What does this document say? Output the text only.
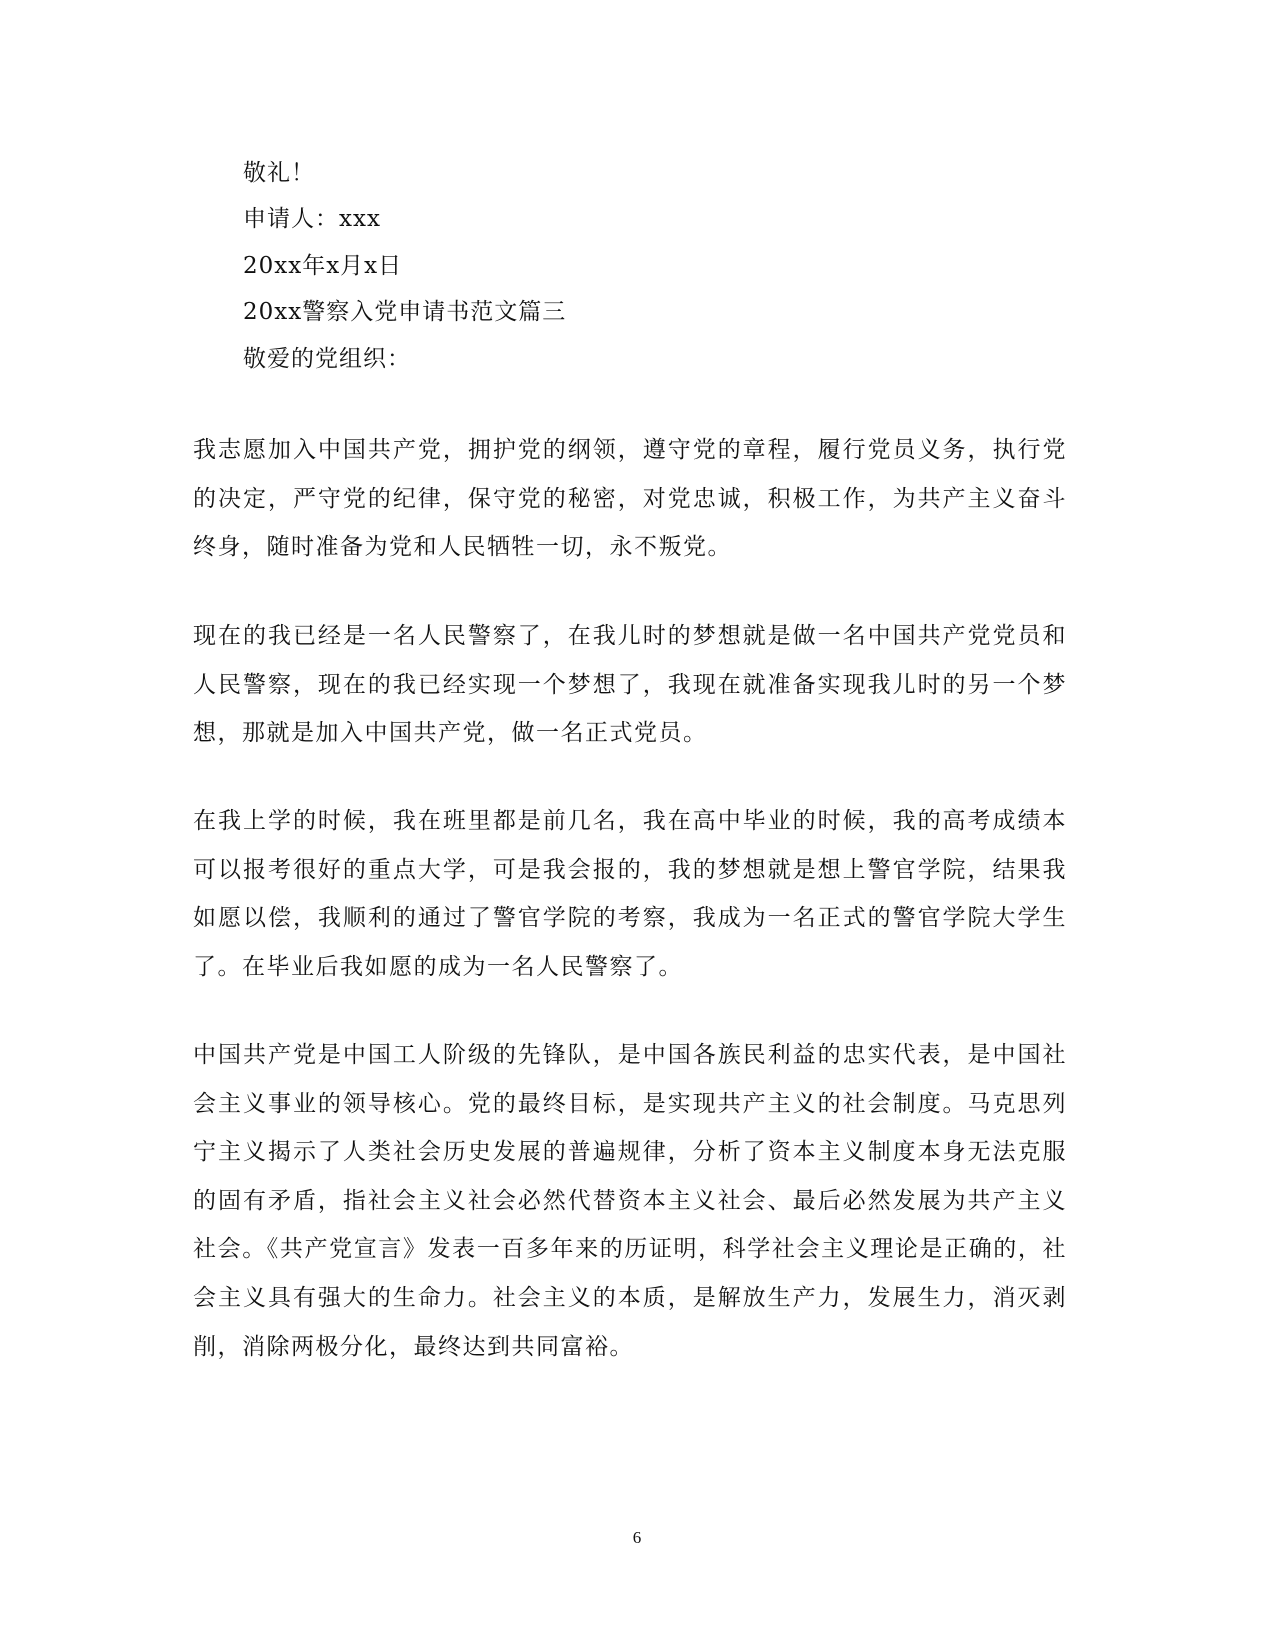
敬礼！
申请人：xxx
20xx年x月x日
20xx警察入党申请书范文篇三
敬爱的党组织：

我志愿加入中国共产党，拥护党的纲领，遵守党的章程，履行党员义务，执行党的决定，严守党的纪律，保守党的秘密，对党忠诚，积极工作，为共产主义奋斗终身，随时准备为党和人民牺牲一切，永不叛党。

现在的我已经是一名人民警察了，在我儿时的梦想就是做一名中国共产党党员和人民警察，现在的我已经实现一个梦想了，我现在就准备实现我儿时的另一个梦想，那就是加入中国共产党，做一名正式党员。

在我上学的时候，我在班里都是前几名，我在高中毕业的时候，我的高考成绩本可以报考很好的重点大学，可是我会报的，我的梦想就是想上警官学院，结果我如愿以偿，我顺利的通过了警官学院的考察，我成为一名正式的警官学院大学生了。在毕业后我如愿的成为一名人民警察了。

中国共产党是中国工人阶级的先锋队，是中国各族民利益的忠实代表，是中国社会主义事业的领导核心。党的最终目标，是实现共产主义的社会制度。马克思列宁主义揭示了人类社会历史发展的普遍规律，分析了资本主义制度本身无法克服的固有矛盾，指社会主义社会必然代替资本主义社会、最后必然发展为共产主义社会。《共产党宣言》发表一百多年来的历证明，科学社会主义理论是正确的，社会主义具有强大的生命力。社会主义的本质，是解放生产力，发展生力，消灭剥削，消除两极分化，最终达到共同富裕。

6
